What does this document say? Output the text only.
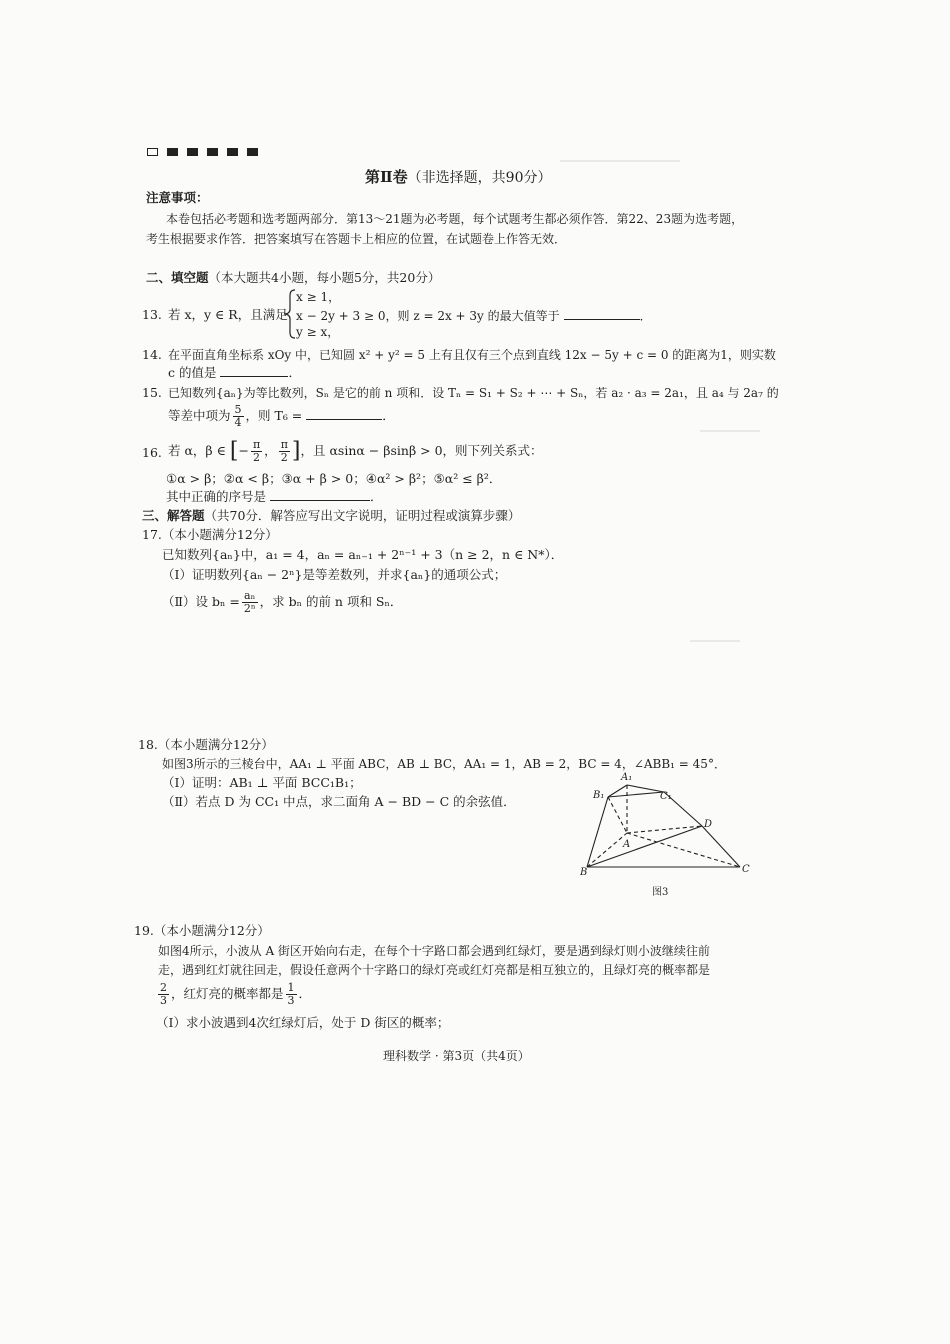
第Ⅱ卷（非选择题，共90分）
注意事项：
本卷包括必考题和选考题两部分．第13～21题为必考题，每个试题考生都必须作答．第22、23题为选考题，
考生根据要求作答．把答案填写在答题卡上相应的位置，在试题卷上作答无效．
二、填空题（本大题共4小题，每小题5分，共20分）
13. 若 x，y ∈ R，且满足
x ≥ 1，
x − 2y + 3 ≥ 0，则 z = 2x + 3y 的最大值等于	．
y ≥ x，
14. 在平面直角坐标系 xOy 中，已知圆 x² + y² = 5 上有且仅有三个点到直线 12x − 5y + c = 0 的距离为1，则实数
c 的值是	．
15. 已知数列{aₙ}为等比数列，Sₙ 是它的前 n 项和．设 Tₙ = S₁ + S₂ + ⋯ + Sₙ，若 a₂ · a₃ = 2a₁，且 a₄ 与 2a₇ 的
等差中项为 $\frac{5}{4}$ ，则 T₆ =	．
16. 若 α，β ∈ [− $\frac{\pi}{2}$ ， $\frac{\pi}{2}$ ]，且 αsinα − βsinβ > 0，则下列关系式：
①α > β；②α < β；③α + β > 0；④α² > β²；⑤α² ≤ β²．
其中正确的序号是	．
三、解答题（共70分．解答应写出文字说明，证明过程或演算步骤）
17.（本小题满分12分）
已知数列{aₙ}中，a₁ = 4，aₙ = aₙ₋₁ + 2ⁿ⁻¹ + 3（n ≥ 2，n ∈ N*）．
（Ⅰ）证明数列{aₙ − 2ⁿ}是等差数列，并求{aₙ}的通项公式；
（Ⅱ）设 $b_n = \frac{\text{aₙ}}{\text{2ⁿ}}$ ，求 bₙ 的前 n 项和 Sₙ．
18.（本小题满分12分）
如图3所示的三棱台中，AA₁ ⊥ 平面 ABC，AB ⊥ BC，AA₁ = 1，AB = 2，BC = 4，∠ABB₁ = 45°．
（Ⅰ）证明：AB₁ ⊥ 平面 BCC₁B₁；
（Ⅱ）若点 D 为 CC₁ 中点，求二面角 A − BD − C 的余弦值．
A₁
B₁	C₁
D
A
B	C
图3
19.（本小题满分12分）
如图4所示，小波从 A 街区开始向右走，在每个十字路口都会遇到红绿灯，要是遇到绿灯则小波继续往前
走，遇到红灯就往回走，假设任意两个十字路口的绿灯亮或红灯亮都是相互独立的，且绿灯亮的概率都是
$\frac{2}{3}$ ，红灯亮的概率都是 $\frac{1}{3}$ ．
（Ⅰ）求小波遇到4次红绿灯后，处于 D 街区的概率；
理科数学 · 第3页（共4页）
